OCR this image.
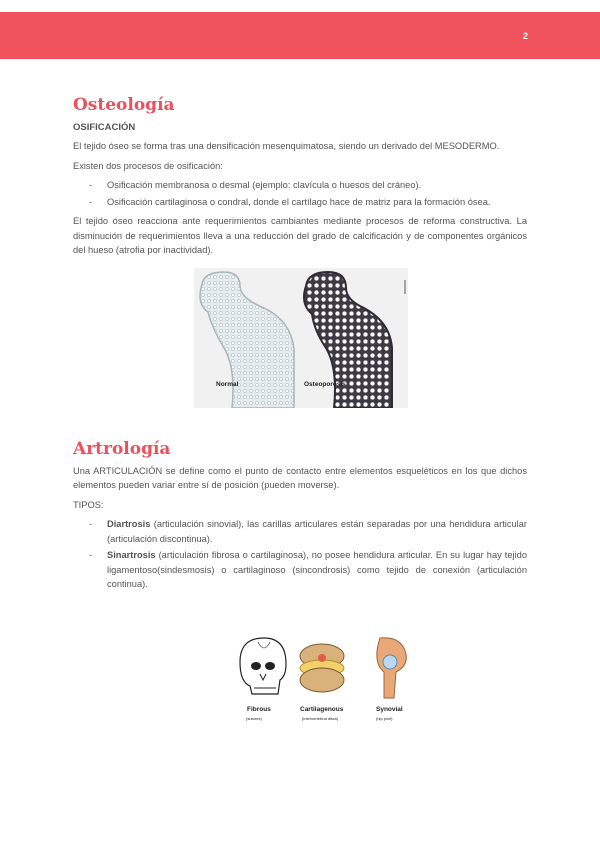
2
Osteología
OSIFICACIÓN

El tejido óseo se forma tras una densificación mesenquimatosa, siendo un derivado del MESODERMO.

Existen dos procesos de osificación:

- Osificación membranosa o desmal (ejemplo: clavícula o huesos del cráneo).
- Osificación cartilaginosa o condral, donde el cartílago hace de matriz para la formación ósea.

El tejido óseo reacciona ante requerimientos cambiantes mediante procesos de reforma constructiva. La disminución de requerimientos lleva a una reducción del grado de calcificación y de componentes orgánicos del hueso (atrofia por inactividad).

Normal	Osteoporosis
Artrología

Una ARTICULACIÓN se define como el punto de contacto entre elementos esqueléticos en los que dichos elementos pueden variar entre sí de posición (pueden moverse).

TIPOS:

- Diartrosis (articulación sinovial), las carillas articulares están separadas por una hendidura articular (articulación discontinua).
- Sinartrosis (articulación fibrosa o cartilaginosa), no posee hendidura articular. En su lugar hay tejido ligamentoso(sindesmosis) o cartilaginoso (sincondrosis) como tejido de conexión (articulación continua).
Fibrous
(sutures)
Cartilagenous
(intervertebral discs)
Synovial
(hip joint)
